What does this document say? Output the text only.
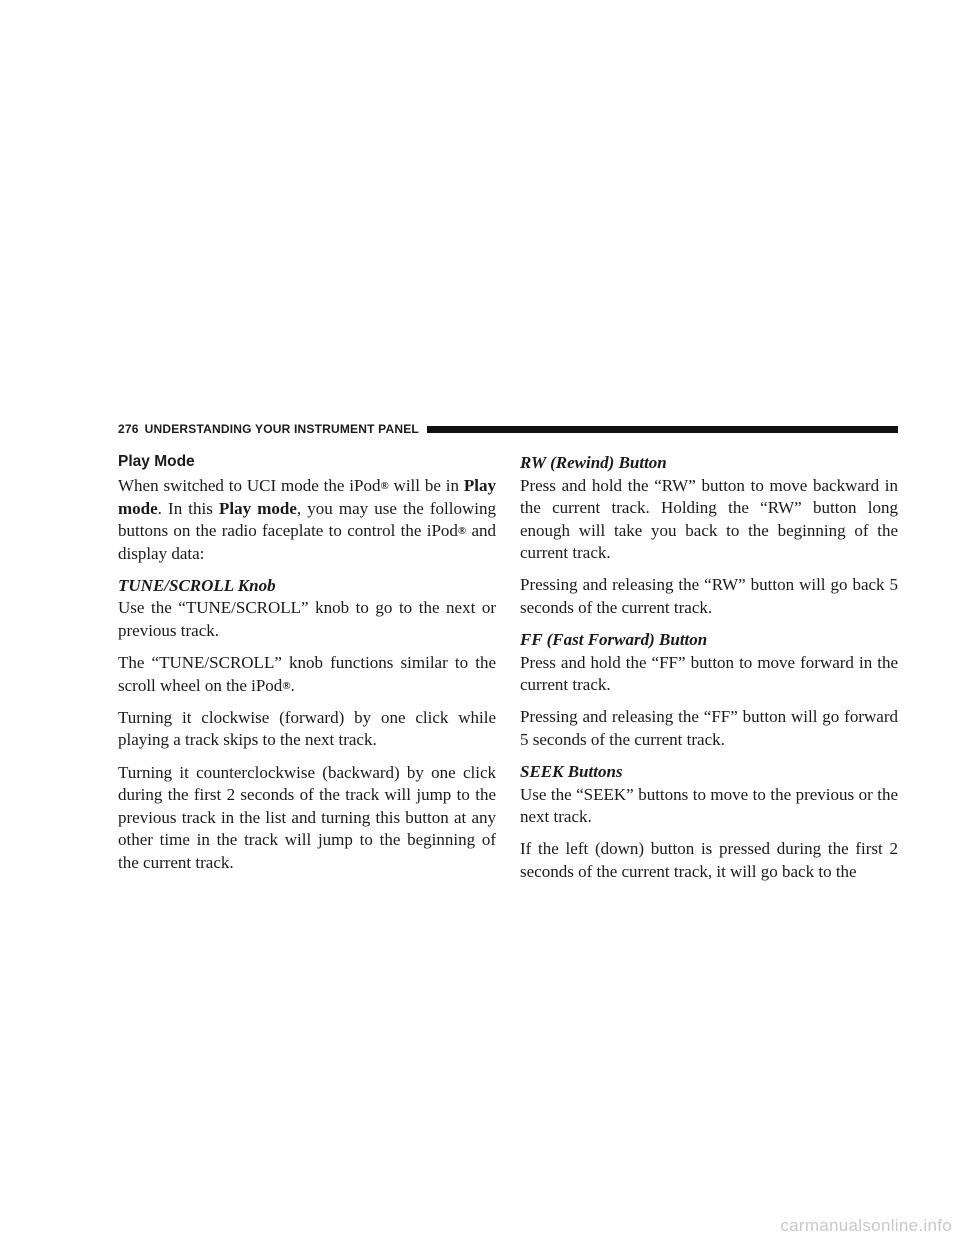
276 UNDERSTANDING YOUR INSTRUMENT PANEL
Play Mode

When switched to UCI mode the iPod® will be in Play mode. In this Play mode, you may use the following buttons on the radio faceplate to control the iPod® and display data:

TUNE/SCROLL Knob

Use the “TUNE/SCROLL” knob to go to the next or previous track.

The “TUNE/SCROLL” knob functions similar to the scroll wheel on the iPod®.

Turning it clockwise (forward) by one click while playing a track skips to the next track.

Turning it counterclockwise (backward) by one click during the first 2 seconds of the track will jump to the previous track in the list and turning this button at any other time in the track will jump to the beginning of the current track.

RW (Rewind) Button

Press and hold the “RW” button to move backward in the current track. Holding the “RW” button long enough will take you back to the beginning of the current track.

Pressing and releasing the “RW” button will go back 5 seconds of the current track.

FF (Fast Forward) Button

Press and hold the “FF” button to move forward in the current track.

Pressing and releasing the “FF” button will go forward 5 seconds of the current track.

SEEK Buttons

Use the “SEEK” buttons to move to the previous or the next track.

If the left (down) button is pressed during the first 2 seconds of the current track, it will go back to the

carmanualsonline.info
